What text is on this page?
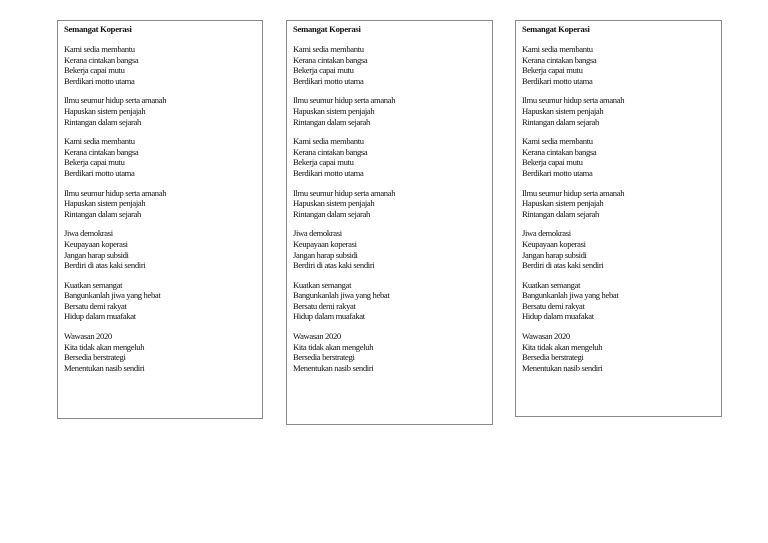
Semangat Koperasi
Kami sedia membantu
Kerana cintakan bangsa
Bekerja capai mutu
Berdikari motto utama
Ilmu seumur hidup serta amanah
Hapuskan sistem penjajah
Rintangan dalam sejarah
Kami sedia membantu
Kerana cintakan bangsa
Bekerja capai mutu
Berdikari motto utama
Ilmu seumur hidup serta amanah
Hapuskan sistem penjajah
Rintangan dalam sejarah
Jiwa demokrasi
Keupayaan koperasi
Jangan harap subsidi
Berdiri di atas kaki sendiri
Kuatkan semangat
Bangunkanlah jiwa yang hebat
Bersatu demi rakyat
Hidup dalam muafakat
Wawasan 2020
Kita tidak akan mengeluh
Bersedia berstrategi
Menentukan nasib sendiri
Semangat Koperasi
Kami sedia membantu
Kerana cintakan bangsa
Bekerja capai mutu
Berdikari motto utama
Ilmu seumur hidup serta amanah
Hapuskan sistem penjajah
Rintangan dalam sejarah
Kami sedia membantu
Kerana cintakan bangsa
Bekerja capai mutu
Berdikari motto utama
Ilmu seumur hidup serta amanah
Hapuskan sistem penjajah
Rintangan dalam sejarah
Jiwa demokrasi
Keupayaan koperasi
Jangan harap subsidi
Berdiri di atas kaki sendiri
Kuatkan semangat
Bangunkanlah jiwa yang hebat
Bersatu demi rakyat
Hidup dalam muafakat
Wawasan 2020
Kita tidak akan mengeluh
Bersedia berstrategi
Menentukan nasib sendiri
Semangat Koperasi
Kami sedia membantu
Kerana cintakan bangsa
Bekerja capai mutu
Berdikari motto utama
Ilmu seumur hidup serta amanah
Hapuskan sistem penjajah
Rintangan dalam sejarah
Kami sedia membantu
Kerana cintakan bangsa
Bekerja capai mutu
Berdikari motto utama
Ilmu seumur hidup serta amanah
Hapuskan sistem penjajah
Rintangan dalam sejarah
Jiwa demokrasi
Keupayaan koperasi
Jangan harap subsidi
Berdiri di atas kaki sendiri
Kuatkan semangat
Bangunkanlah jiwa yang hebat
Bersatu demi rakyat
Hidup dalam muafakat
Wawasan 2020
Kita tidak akan mengeluh
Bersedia berstrategi
Menentukan nasib sendiri
